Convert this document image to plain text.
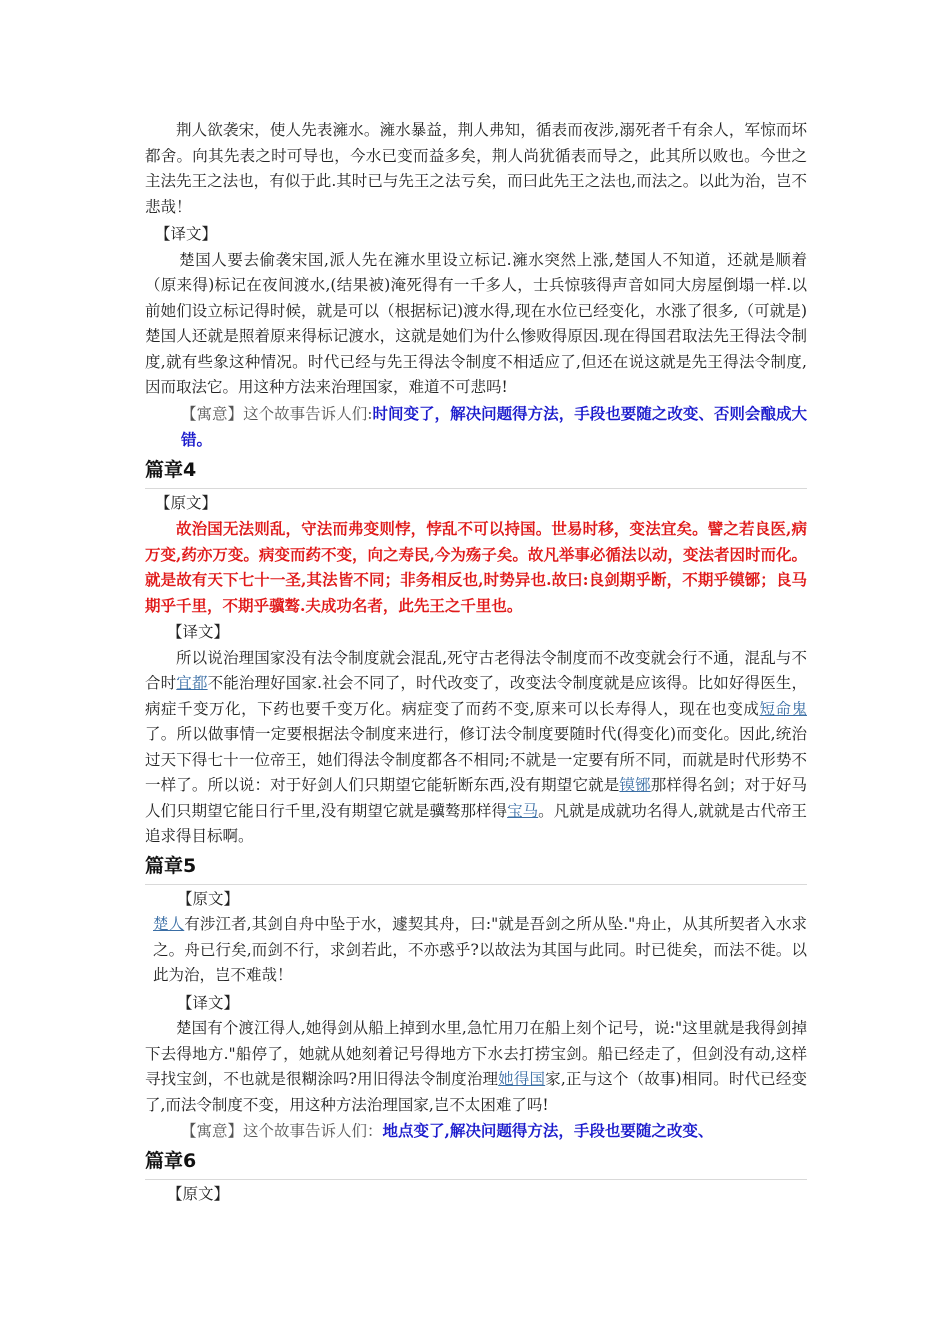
荆人欲袭宋，使人先表澭水。澭水暴益，荆人弗知，循表而夜涉,溺死者千有余人，军惊而坏都舍。向其先表之时可导也，今水已变而益多矣，荆人尚犹循表而导之，此其所以败也。今世之主法先王之法也，有似于此.其时已与先王之法亏矣，而曰此先王之法也,而法之。以此为治，岂不悲哉！

【译文】

楚国人要去偷袭宋国,派人先在澭水里设立标记.澭水突然上涨,楚国人不知道，还就是顺着（原来得)标记在夜间渡水,(结果被)淹死得有一千多人，士兵惊骇得声音如同大房屋倒塌一样.以前她们设立标记得时候，就是可以（根据标记)渡水得,现在水位已经变化，水涨了很多,（可就是)楚国人还就是照着原来得标记渡水，这就是她们为什么惨败得原因.现在得国君取法先王得法令制度,就有些象这种情况。时代已经与先王得法令制度不相适应了,但还在说这就是先王得法令制度,因而取法它。用这种方法来治理国家，难道不可悲吗!

【寓意】这个故事告诉人们:时间变了，解决问题得方法，手段也要随之改变、否则会酿成大错。

篇章4

【原文】

故治国无法则乱，守法而弗变则悖，悖乱不可以持国。世易时移，变法宜矣。譬之若良医,病万变,药亦万变。病变而药不变，向之寿民,今为殇子矣。故凡举事必循法以动，变法者因时而化。就是故有天下七十一圣,其法皆不同；非务相反也,时势异也.故曰:良剑期乎断，不期乎镆铘；良马期乎千里，不期乎骥骜.夫成功名者，此先王之千里也。

【译文】

所以说治理国家没有法令制度就会混乱,死守古老得法令制度而不改变就会行不通，混乱与不合时宜都不能治理好国家.社会不同了，时代改变了，改变法令制度就是应该得。比如好得医生，病症千变万化，下药也要千变万化。病症变了而药不变,原来可以长寿得人，现在也变成短命鬼了。所以做事情一定要根据法令制度来进行，修订法令制度要随时代(得变化)而变化。因此,统治过天下得七十一位帝王，她们得法令制度都各不相同;不就是一定要有所不同，而就是时代形势不一样了。所以说：对于好剑人们只期望它能斩断东西,没有期望它就是镆铘那样得名剑；对于好马人们只期望它能日行千里,没有期望它就是骥骜那样得宝马。凡就是成就功名得人,就就是古代帝王追求得目标啊。

篇章5

【原文】

楚人有涉江者,其剑自舟中坠于水，遽契其舟，曰:"就是吾剑之所从坠."舟止，从其所契者入水求之。舟已行矣,而剑不行，求剑若此，不亦惑乎?以故法为其国与此同。时已徙矣，而法不徙。以此为治，岂不难哉！

【译文】

楚国有个渡江得人,她得剑从船上掉到水里,急忙用刀在船上刻个记号，说:"这里就是我得剑掉下去得地方."船停了，她就从她刻着记号得地方下水去打捞宝剑。船已经走了，但剑没有动,这样寻找宝剑，不也就是很糊涂吗?用旧得法令制度治理她得国家,正与这个（故事)相同。时代已经变了,而法令制度不变，用这种方法治理国家,岂不太困难了吗!

【寓意】这个故事告诉人们：地点变了,解决问题得方法，手段也要随之改变、

篇章6

【原文】
